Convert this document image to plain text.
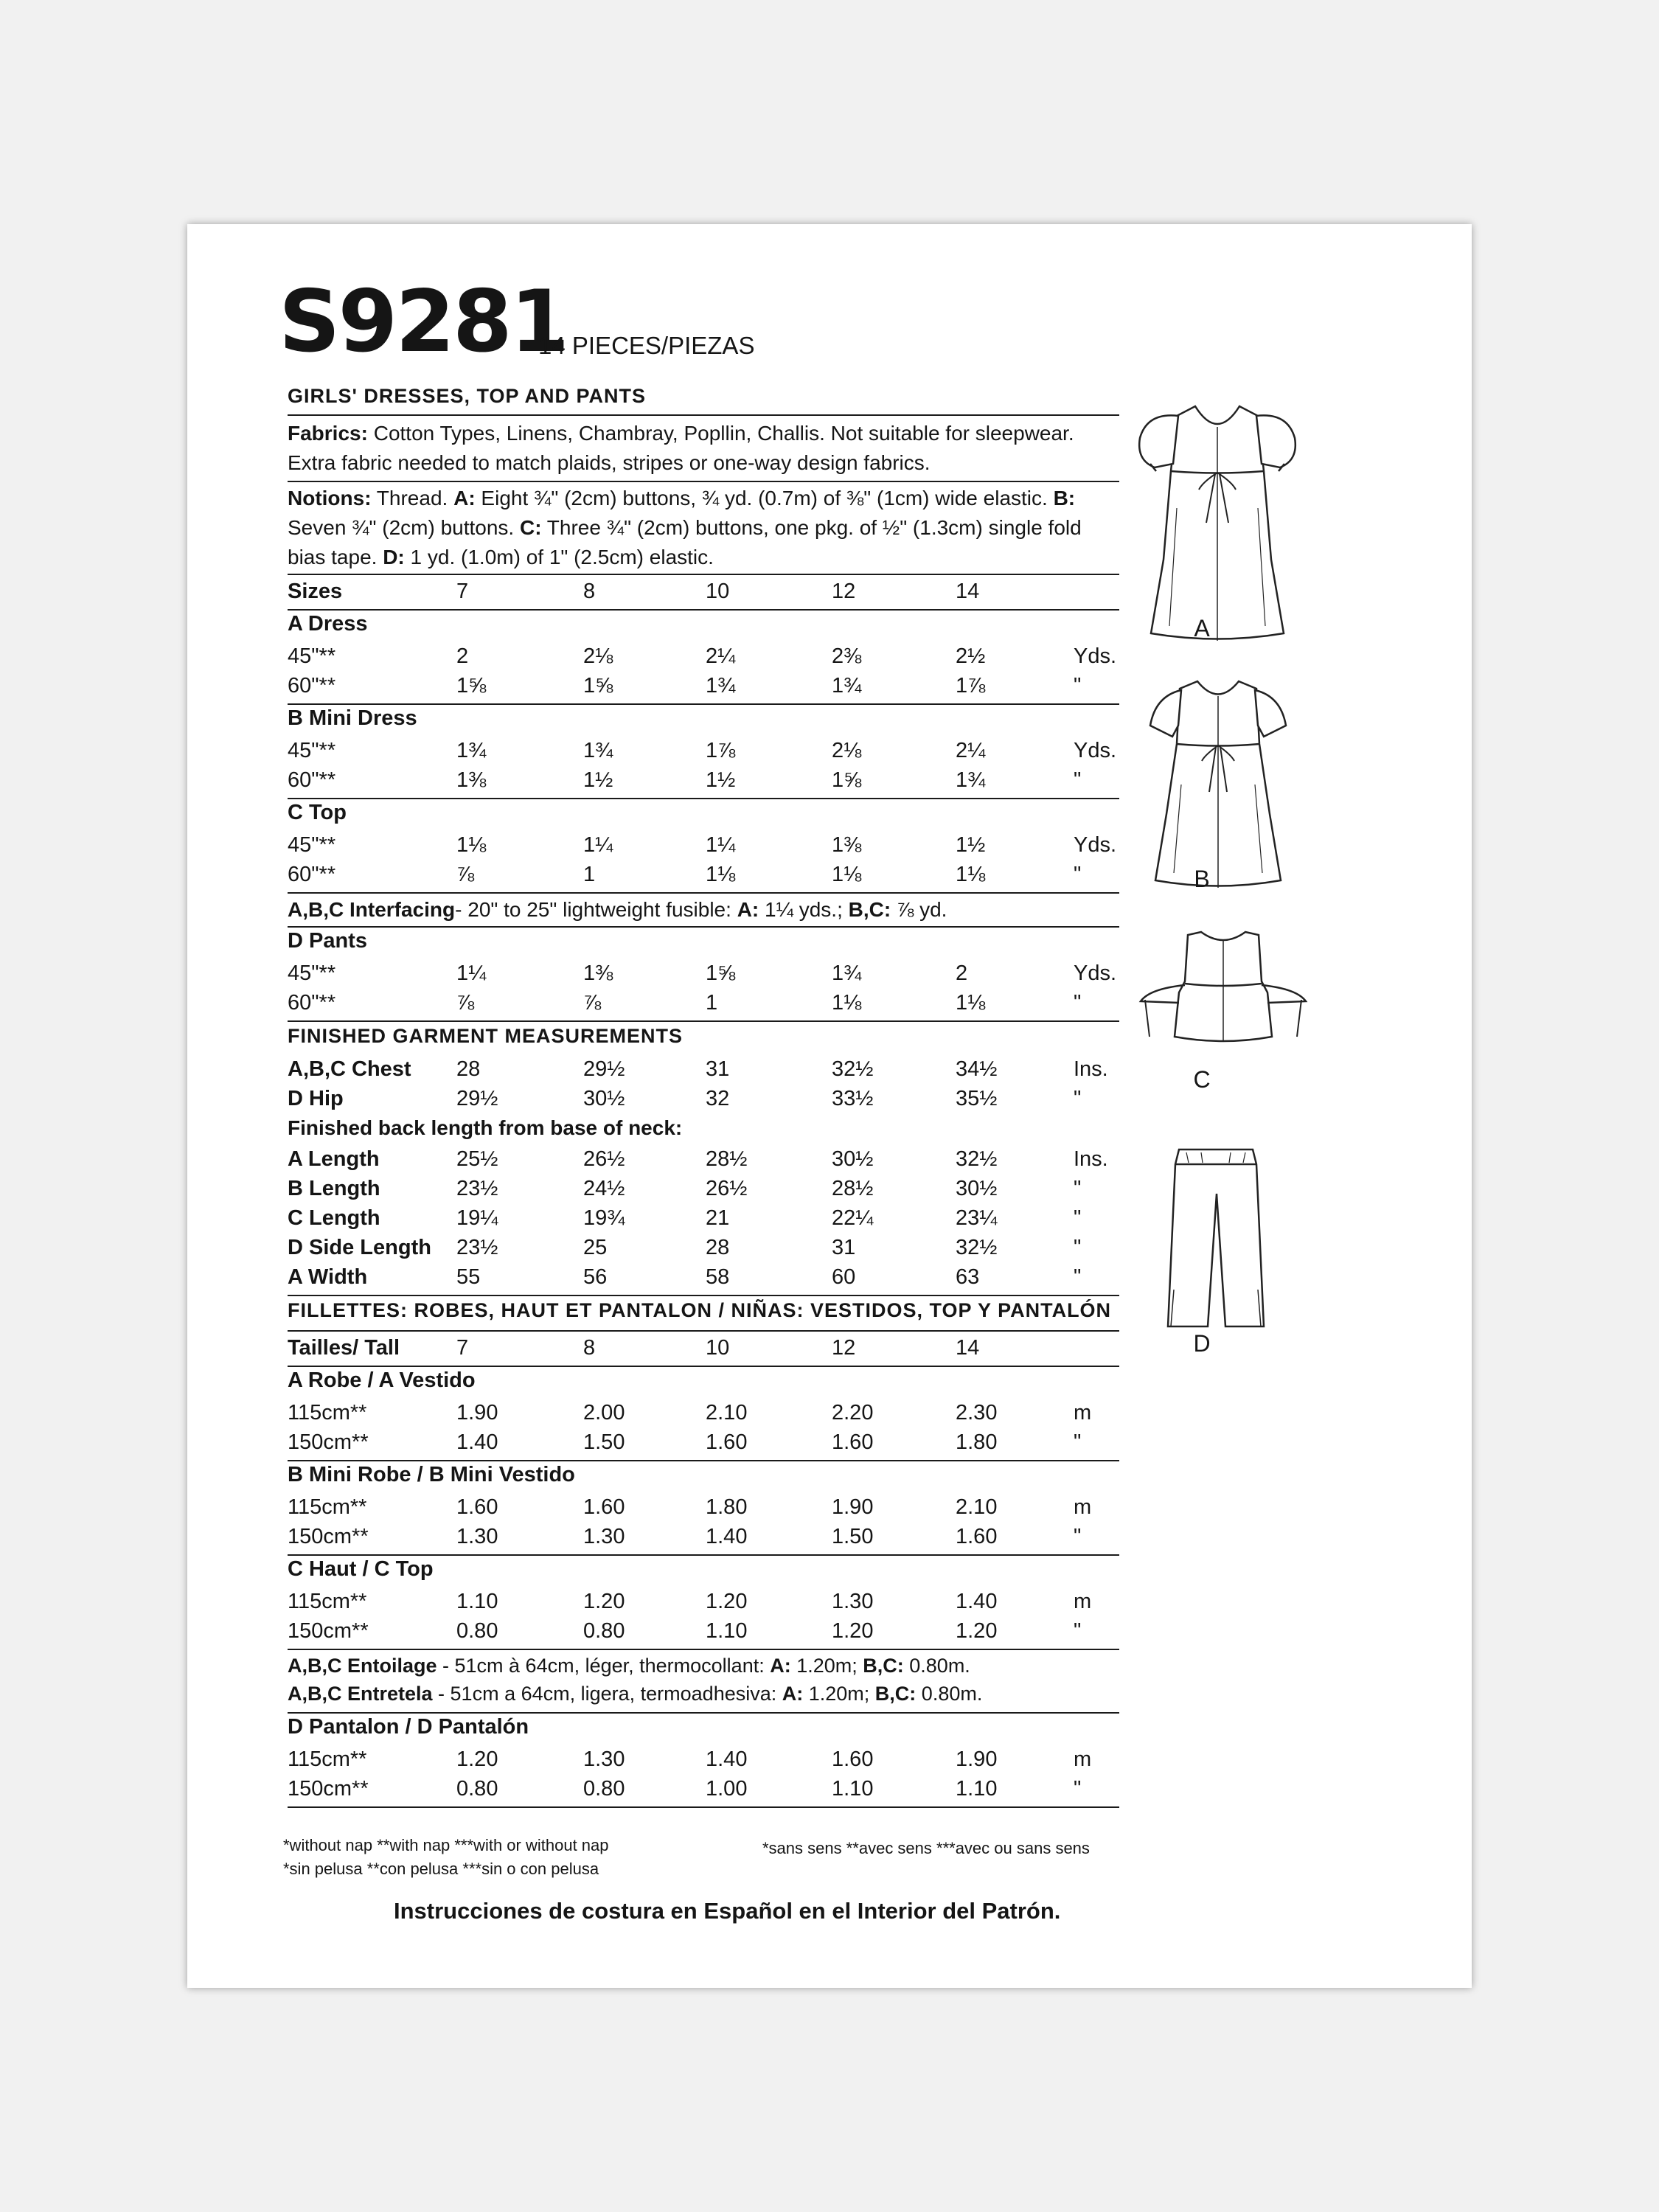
S9281
14 PIECES/PIEZAS
GIRLS' DRESSES, TOP AND PANTS
Fabrics: Cotton Types, Linens, Chambray, Popllin, Challis. Not suitable for sleepwear. Extra fabric needed to match plaids, stripes or one-way design fabrics.
Notions: Thread. A: Eight ¾" (2cm) buttons, ¾ yd. (0.7m) of ⅜" (1cm) wide elastic. B: Seven ¾" (2cm) buttons. C: Three ¾" (2cm) buttons, one pkg. of ½" (1.3cm) single fold bias tape. D: 1 yd. (1.0m) of 1" (2.5cm) elastic.
Sizes	7	8	10	12	14
A Dress
45"**	2	2⅛	2¼	2⅜	2½	Yds.
60"**	1⅝	1⅝	1¾	1¾	1⅞	"
B Mini Dress
45"**	1¾	1¾	1⅞	2⅛	2¼	Yds.
60"**	1⅜	1½	1½	1⅝	1¾	"
C Top
45"**	1⅛	1¼	1¼	1⅜	1½	Yds.
60"**	⅞	1	1⅛	1⅛	1⅛	"
A,B,C Interfacing- 20" to 25" lightweight fusible: A: 1¼ yds.; B,C: ⅞ yd.
D Pants
45"**	1¼	1⅜	1⅝	1¾	2	Yds.
60"**	⅞	⅞	1	1⅛	1⅛	"
FINISHED GARMENT MEASUREMENTS
A,B,C Chest 28	29½	31	32½	34½	Ins.
D Hip	29½	30½	32	33½	35½	"
Finished back length from base of neck:
A Length	25½	26½	28½	30½	32½	Ins.
B Length	23½	24½	26½	28½	30½	"
C Length	19¼	19¾	21	22¼	23¼	"
D Side Length 23½	25	28	31	32½	"
A Width	55	56	58	60	63	"
FILLETTES: ROBES, HAUT ET PANTALON / NIÑAS: VESTIDOS, TOP Y PANTALÓN
Tailles/ Tall	7	8	10	12	14
A Robe / A Vestido
115cm**	1.90	2.00	2.10	2.20	2.30	m
150cm**	1.40	1.50	1.60	1.60	1.80	"
B Mini Robe / B Mini Vestido
115cm**	1.60	1.60	1.80	1.90	2.10	m
150cm**	1.30	1.30	1.40	1.50	1.60	"
C Haut / C Top
115cm**	1.10	1.20	1.20	1.30	1.40	m
150cm**	0.80	0.80	1.10	1.20	1.20	"
A,B,C Entoilage - 51cm à 64cm, léger, thermocollant: A: 1.20m; B,C: 0.80m.
A,B,C Entretela - 51cm a 64cm, ligera, termoadhesiva: A: 1.20m; B,C: 0.80m.
D Pantalon / D Pantalón
115cm**	1.20	1.30	1.40	1.60	1.90	m
150cm**	0.80	0.80	1.00	1.10	1.10	"
*without nap **with nap ***with or without nap
*sin pelusa **con pelusa ***sin o con pelusa
*sans sens **avec sens ***avec ou sans sens
Instrucciones de costura en Español en el Interior del Patrón.
A
B
C
D
